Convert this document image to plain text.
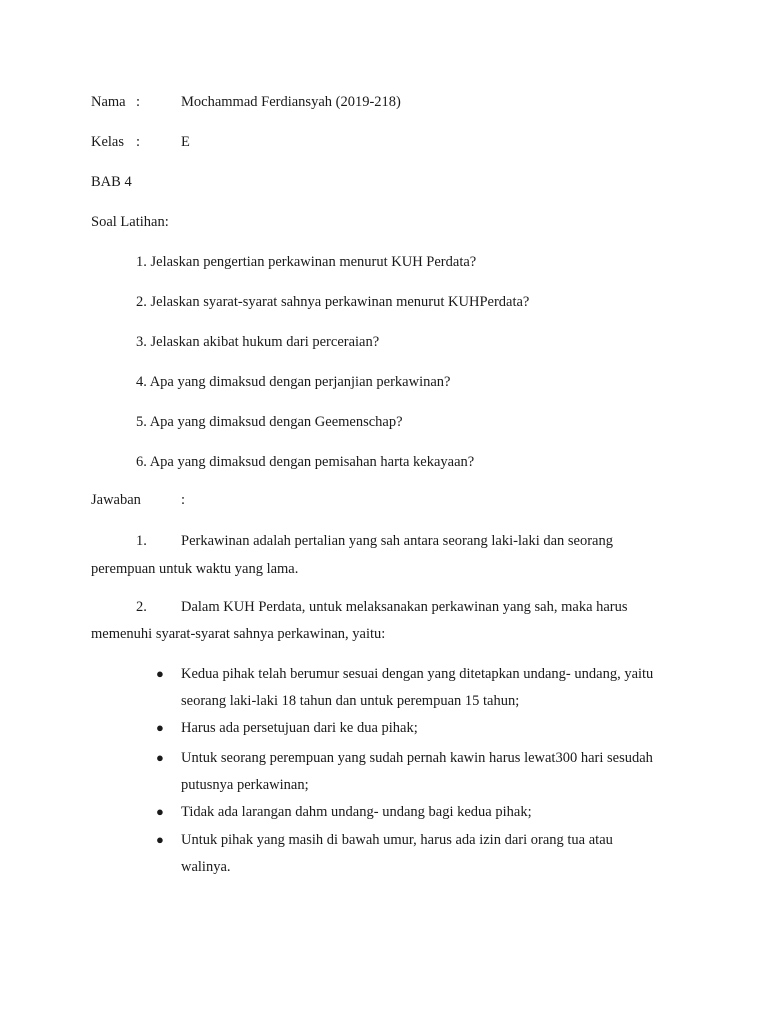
Nama :	Mochammad Ferdiansyah (2019-218)
Kelas :	E
BAB 4
Soal Latihan:
1. Jelaskan pengertian perkawinan menurut KUH Perdata?
2. Jelaskan syarat-syarat sahnya perkawinan menurut KUHPerdata?
3. Jelaskan akibat hukum dari perceraian?
4. Apa yang dimaksud dengan perjanjian perkawinan?
5. Apa yang dimaksud dengan Geemenschap?
6. Apa yang dimaksud dengan pemisahan harta kekayaan?
Jawaban	:
1. Perkawinan adalah pertalian yang sah antara seorang laki-laki dan seorang
perempuan untuk waktu yang lama.
2. Dalam KUH Perdata, untuk melaksanakan perkawinan yang sah, maka harus
memenuhi syarat-syarat sahnya perkawinan, yaitu:
● Kedua pihak telah berumur sesuai dengan yang ditetapkan undang- undang, yaitu
seorang laki-laki 18 tahun dan untuk perempuan 15 tahun;
● Harus ada persetujuan dari ke dua pihak;
● Untuk seorang perempuan yang sudah pernah kawin harus lewat300 hari sesudah
putusnya perkawinan;
● Tidak ada larangan dahm undang- undang bagi kedua pihak;
● Untuk pihak yang masih di bawah umur, harus ada izin dari orang tua atau
walinya.
